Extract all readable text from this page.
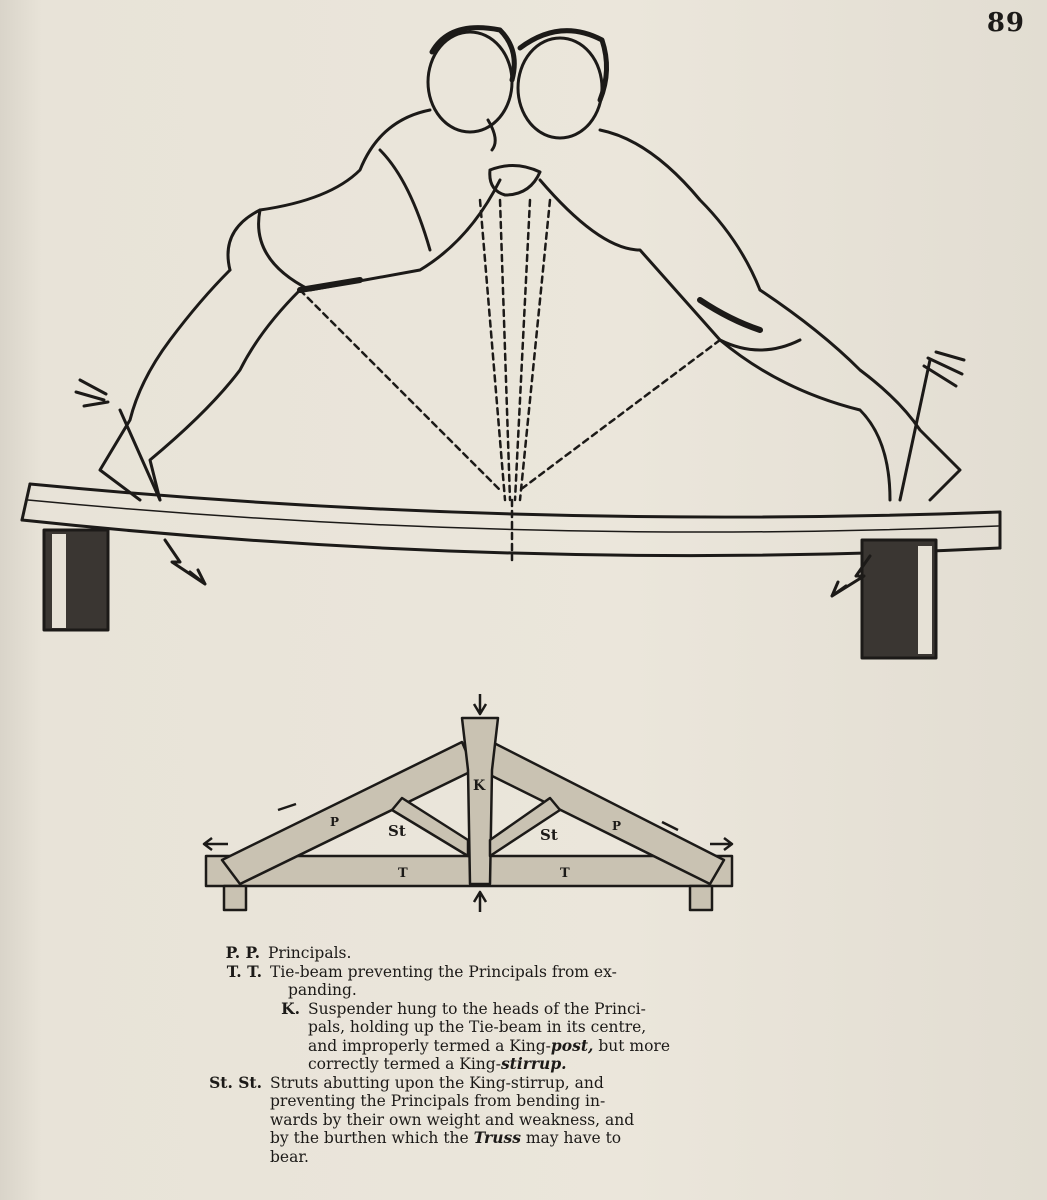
89
K
St	St
T	T
P	P

P. P. Principals.

T. T. Tie-beam preventing the Principals from ex-
panding.

K. Suspender hung to the heads of the Princi-
pals, holding up the Tie-beam in its centre,
and improperly termed a King-post, but more
correctly termed a King-stirrup.

St. St. Struts abutting upon the King-stirrup, and
preventing the Principals from bending in-
wards by their own weight and weakness, and
by the burthen which the Truss may have to
bear.
